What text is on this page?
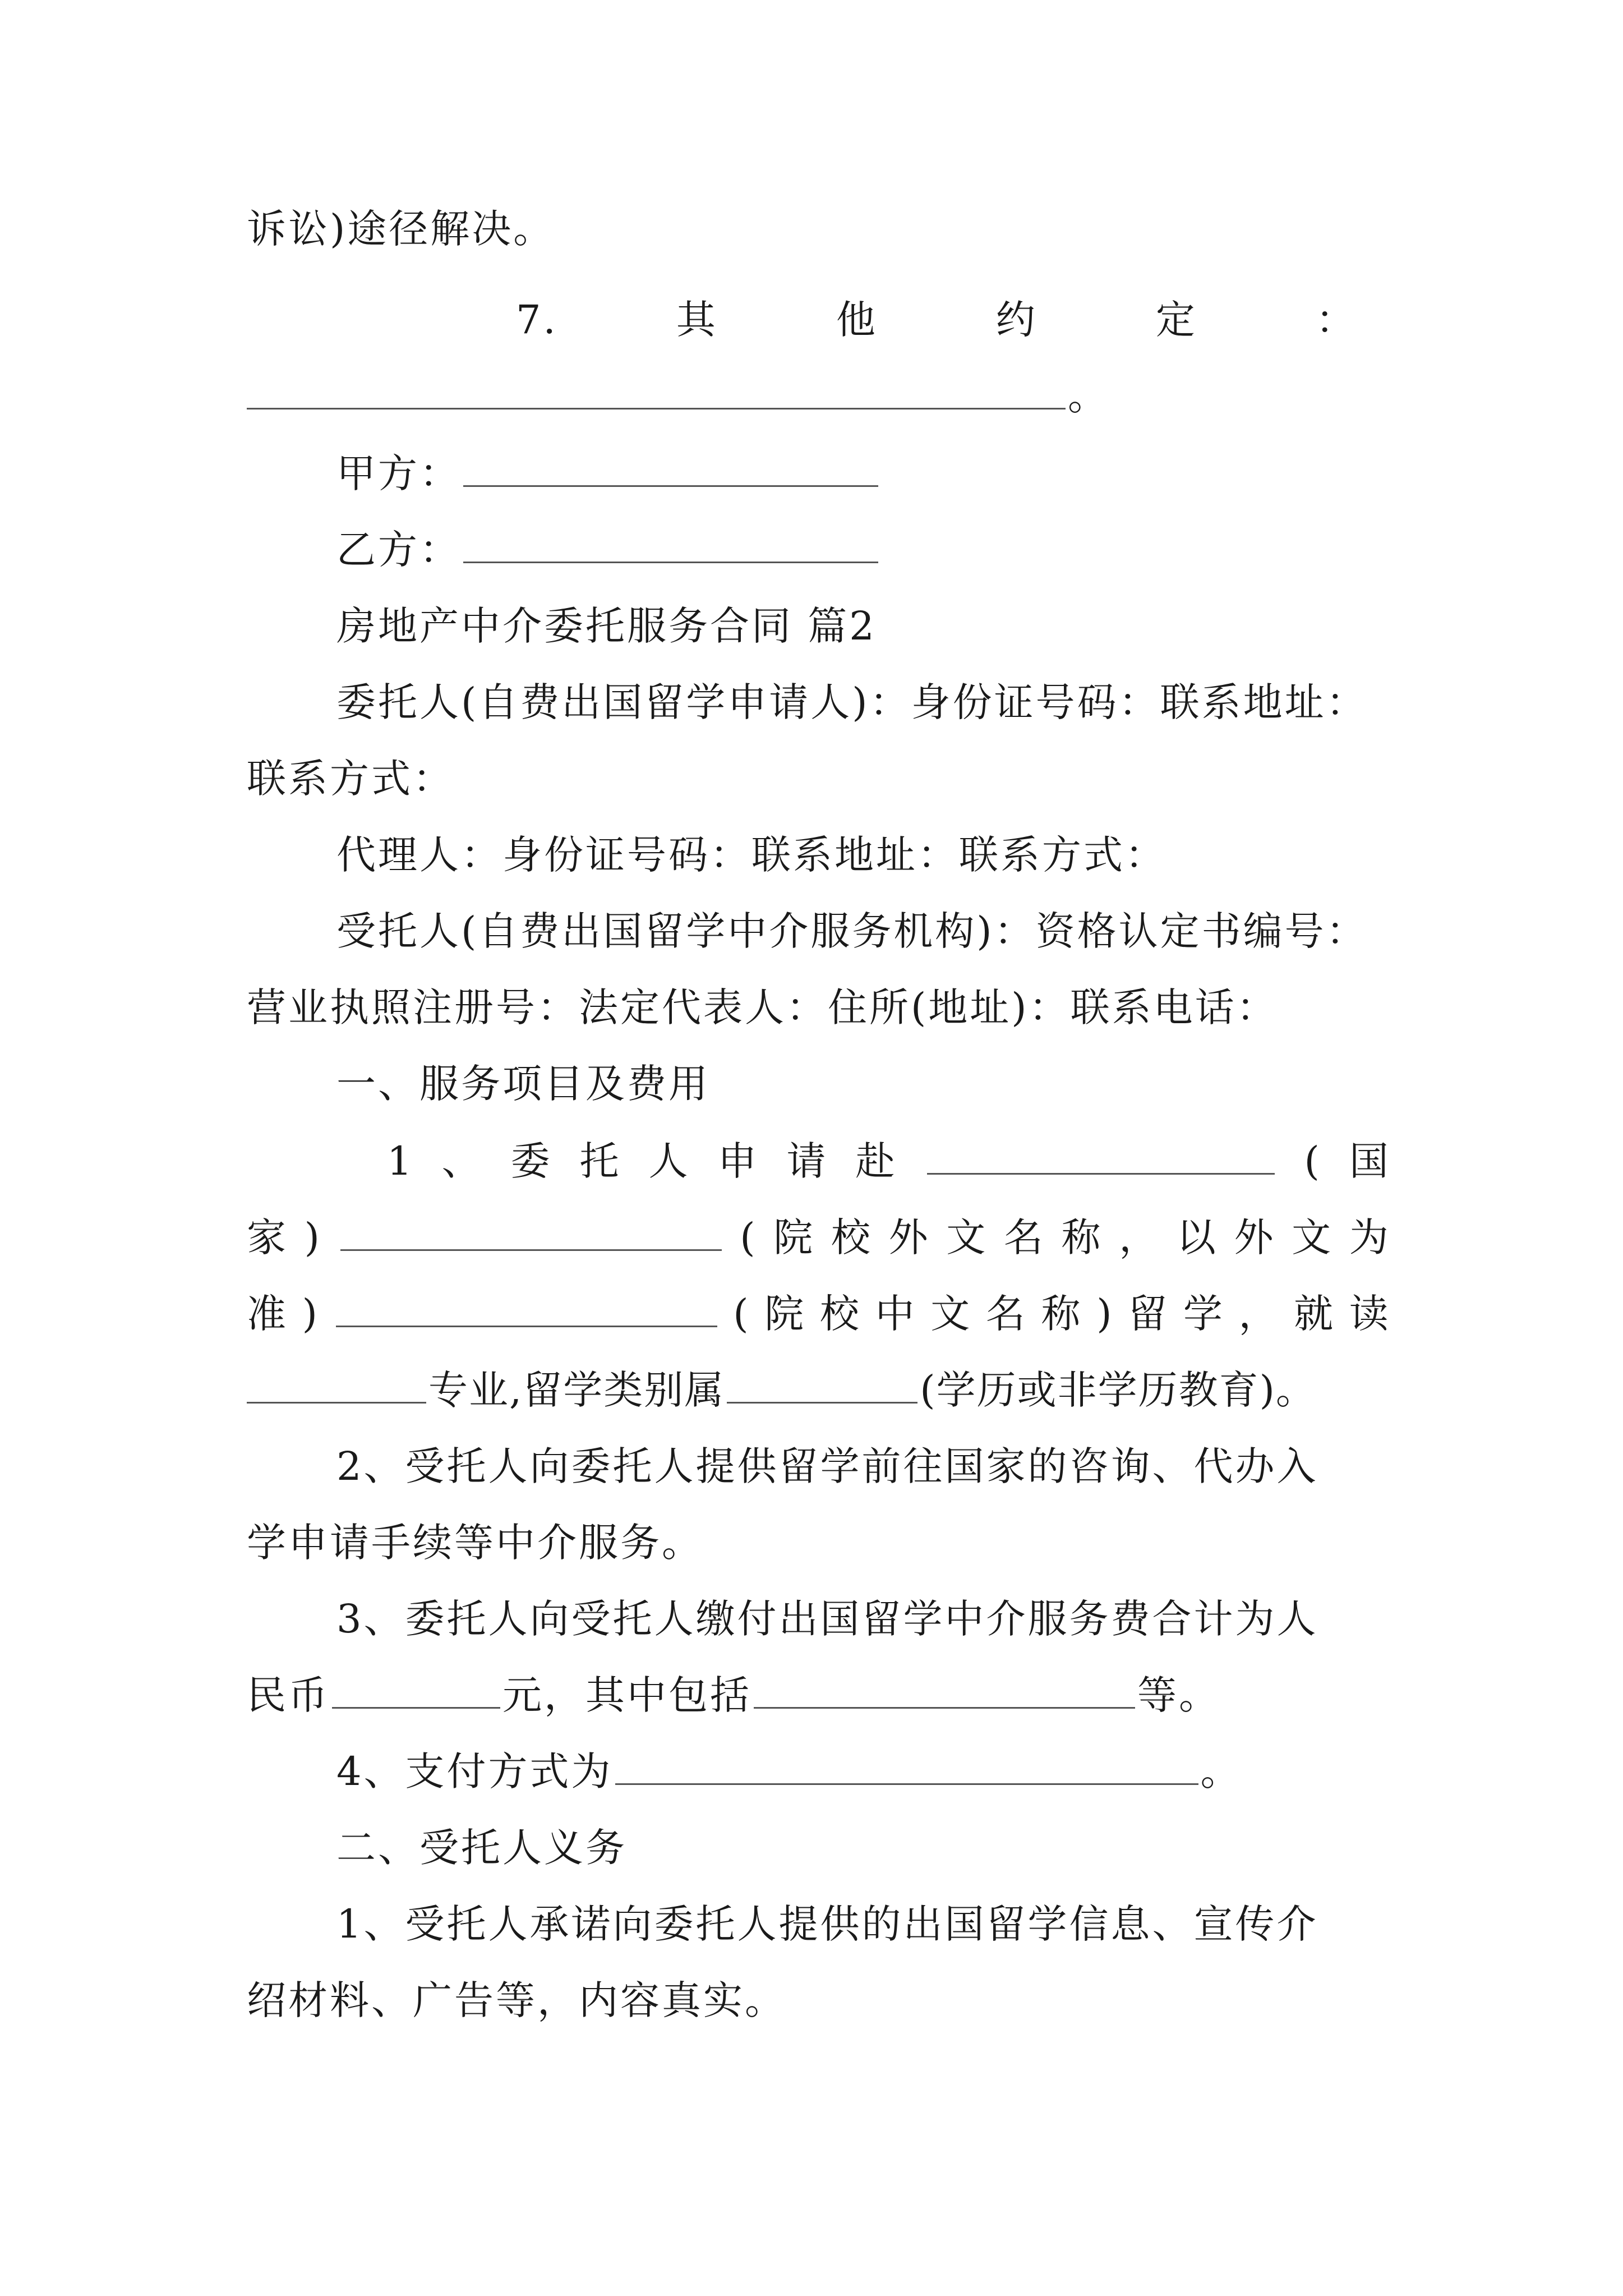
诉讼)途径解决。
7.	其	他	约	定	：
。
甲方：
乙方：
房地产中介委托服务合同 篇2
委托人(自费出国留学申请人)：身份证号码：联系地址：
联系方式：
代理人：身份证号码：联系地址：联系方式：
受托人(自费出国留学中介服务机构)：资格认定书编号：
营业执照注册号：法定代表人：住所(地址)：联系电话：
一、服务项目及费用
1 、 委 托 人 申 请 赴	( 国
家 )	( 院 校 外 文 名 称 ， 以 外 文 为
准 )	( 院 校 中 文 名 称 ) 留 学 ， 就 读
专业,留学类别属	(学历或非学历教育)。
2、受托人向委托人提供留学前往国家的咨询、代办入
学申请手续等中介服务。
3、委托人向受托人缴付出国留学中介服务费合计为人
民币	元，其中包括	等。
4、支付方式为	。
二、受托人义务
1、受托人承诺向委托人提供的出国留学信息、宣传介
绍材料、广告等，内容真实。
